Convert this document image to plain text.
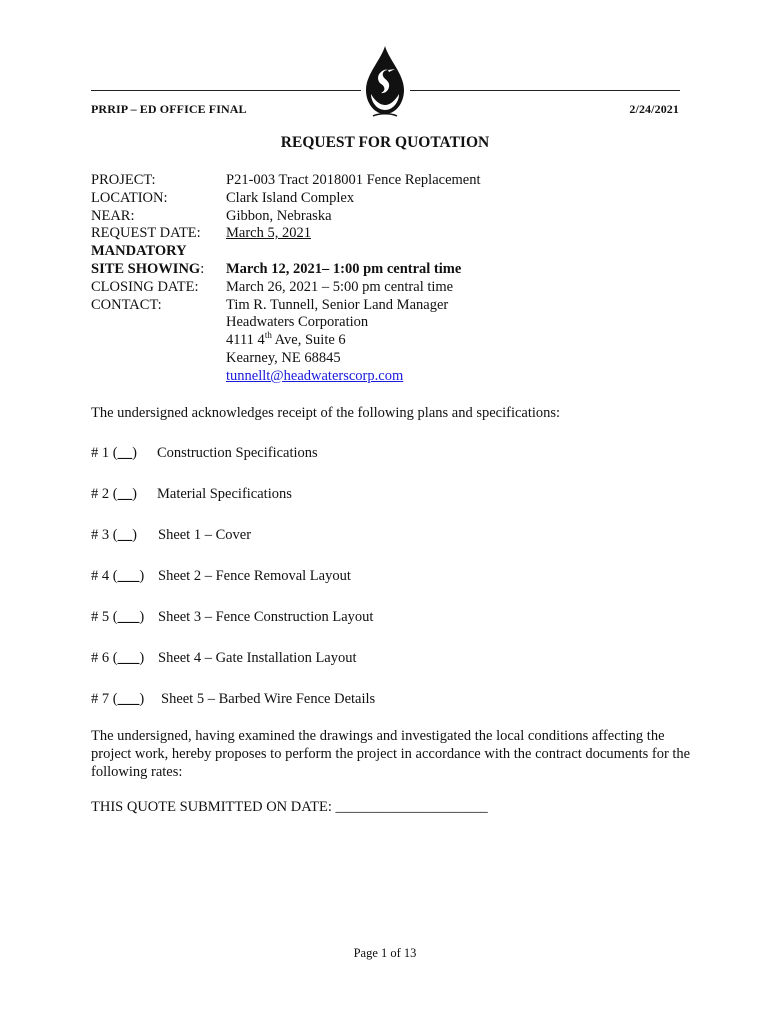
PRRIP – ED OFFICE FINAL	2/24/2021
REQUEST FOR QUOTATION
PROJECT:	P21-003 Tract 2018001 Fence Replacement
LOCATION:	Clark Island Complex
NEAR:	Gibbon, Nebraska
REQUEST DATE:	March 5, 2021
MANDATORY
SITE SHOWING:	March 12, 2021– 1:00 pm central time
CLOSING DATE:	March 26, 2021 – 5:00 pm central time
CONTACT:	Tim R. Tunnell, Senior Land Manager
Headwaters Corporation
4111 4th Ave, Suite 6
Kearney, NE 68845
tunnellt@headwaterscorp.com
The undersigned acknowledges receipt of the following plans and specifications:
# 1 (__) Construction Specifications
# 2 (__) Material Specifications
# 3 (__) Sheet 1 – Cover
# 4 (___) Sheet 2 – Fence Removal Layout
# 5 (___) Sheet 3 – Fence Construction Layout
# 6 (___) Sheet 4 – Gate Installation Layout
# 7 (___) Sheet 5 – Barbed Wire Fence Details
The undersigned, having examined the drawings and investigated the local conditions affecting the project work, hereby proposes to perform the project in accordance with the contract documents for the following rates:
THIS QUOTE SUBMITTED ON DATE: _____________________
Page 1 of 13
